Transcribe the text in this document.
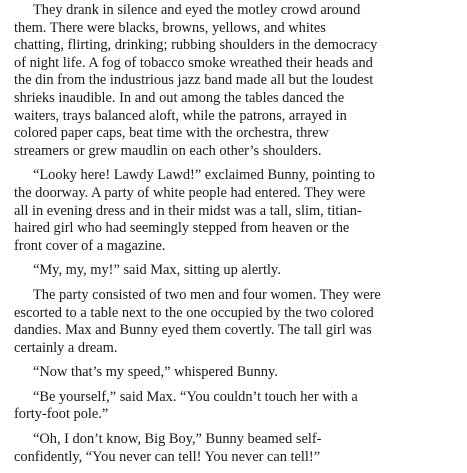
They drank in silence and eyed the motley crowd around
them. There were blacks, browns, yellows, and whites
chatting, flirting, drinking; rubbing shoulders in the democracy
of night life. A fog of tobacco smoke wreathed their heads and
the din from the industrious jazz band made all but the loudest
shrieks inaudible. In and out among the tables danced the
waiters, trays balanced aloft, while the patrons, arrayed in
colored paper caps, beat time with the orchestra, threw
streamers or grew maudlin on each other’s shoulders.

“Looky here! Lawdy Lawd!” exclaimed Bunny, pointing to
the doorway. A party of white people had entered. They were
all in evening dress and in their midst was a tall, slim, titian-
haired girl who had seemingly stepped from heaven or the
front cover of a magazine.

“My, my, my!” said Max, sitting up alertly.

The party consisted of two men and four women. They were
escorted to a table next to the one occupied by the two colored
dandies. Max and Bunny eyed them covertly. The tall girl was
certainly a dream.

“Now that’s my speed,” whispered Bunny.

“Be yourself,” said Max. “You couldn’t touch her with a
forty-foot pole.”

“Oh, I don’t know, Big Boy,” Bunny beamed self-
confidently, “You never can tell! You never can tell!”
